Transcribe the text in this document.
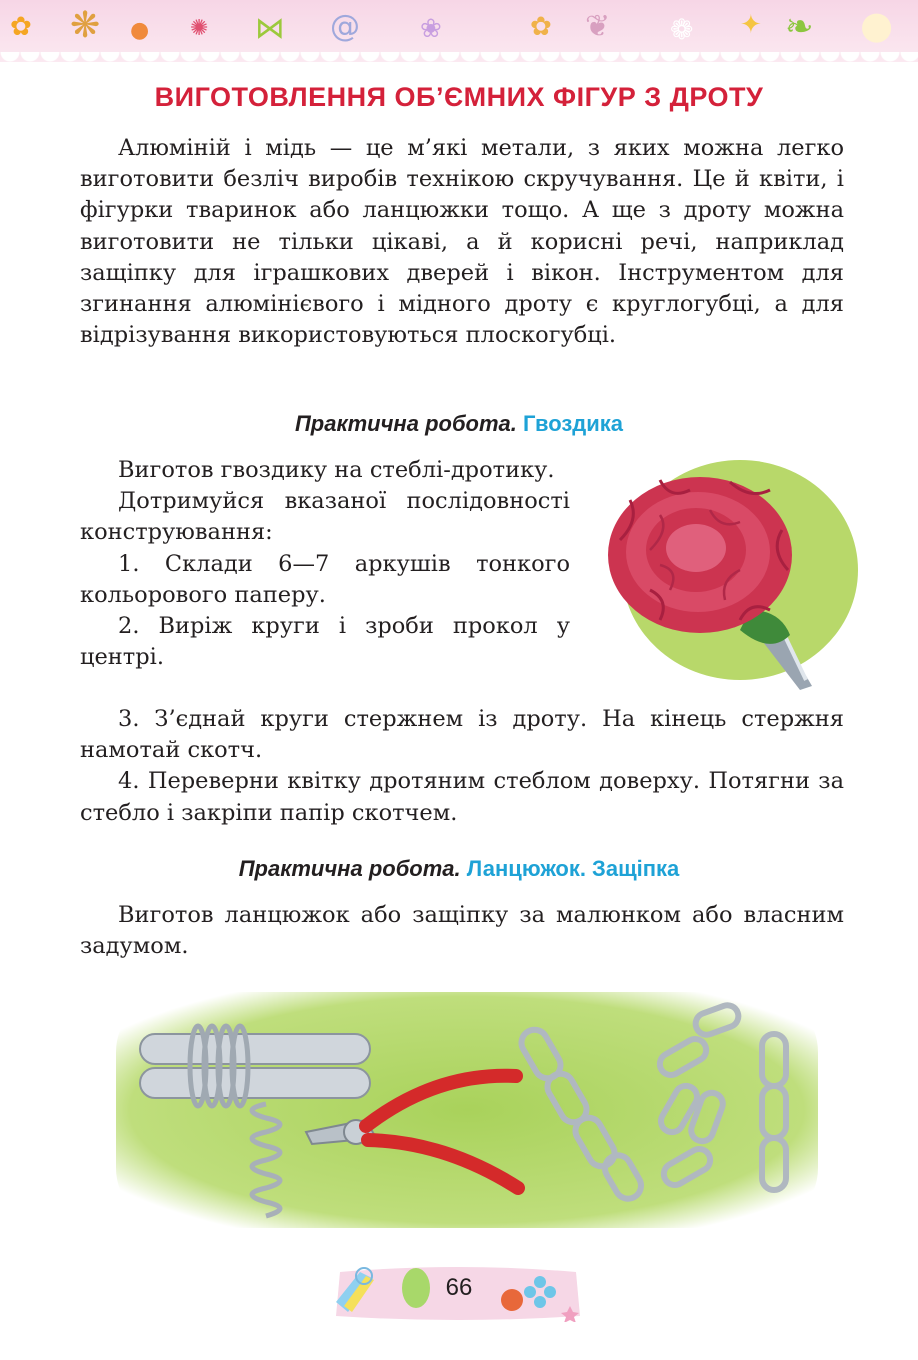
✿ ❋ ● ✺ ⋈ @ ❀	✿ ❦ ❁ ✦ ❧ ●
ВИГОТОВЛЕННЯ ОБ’ЄМНИХ ФІГУР З ДРОТУ

Алюміній і мідь — це м’які метали, з яких можна легко виготовити безліч виробів технікою скручування. Це й квіти, і фігурки тваринок або ланцюжки тощо. А ще з дроту можна виготовити не тільки цікаві, а й корисні речі, наприклад защіпку для іграшкових дверей і вікон. Інструментом для згинання алюмінієвого і мідного дроту є круглогубці, а для відрізування використовуються плоскогубці.

Практична робота. Гвоздика

Виготов гвоздику на стеблі-дротику.

Дотримуйся вказаної послідовності конструювання:

1. Склади 6—7 аркушів тонкого кольорового паперу.

2. Виріж круги і зроби прокол у центрі.

3. З’єднай круги стержнем із дроту. На кінець стержня намотай скотч.

4. Переверни квітку дротяним стеблом доверху. Потягни за стебло і закріпи папір скотчем.

Практична робота. Ланцюжок. Защіпка

Виготов ланцюжок або защіпку за малюнком або власним задумом.

66
